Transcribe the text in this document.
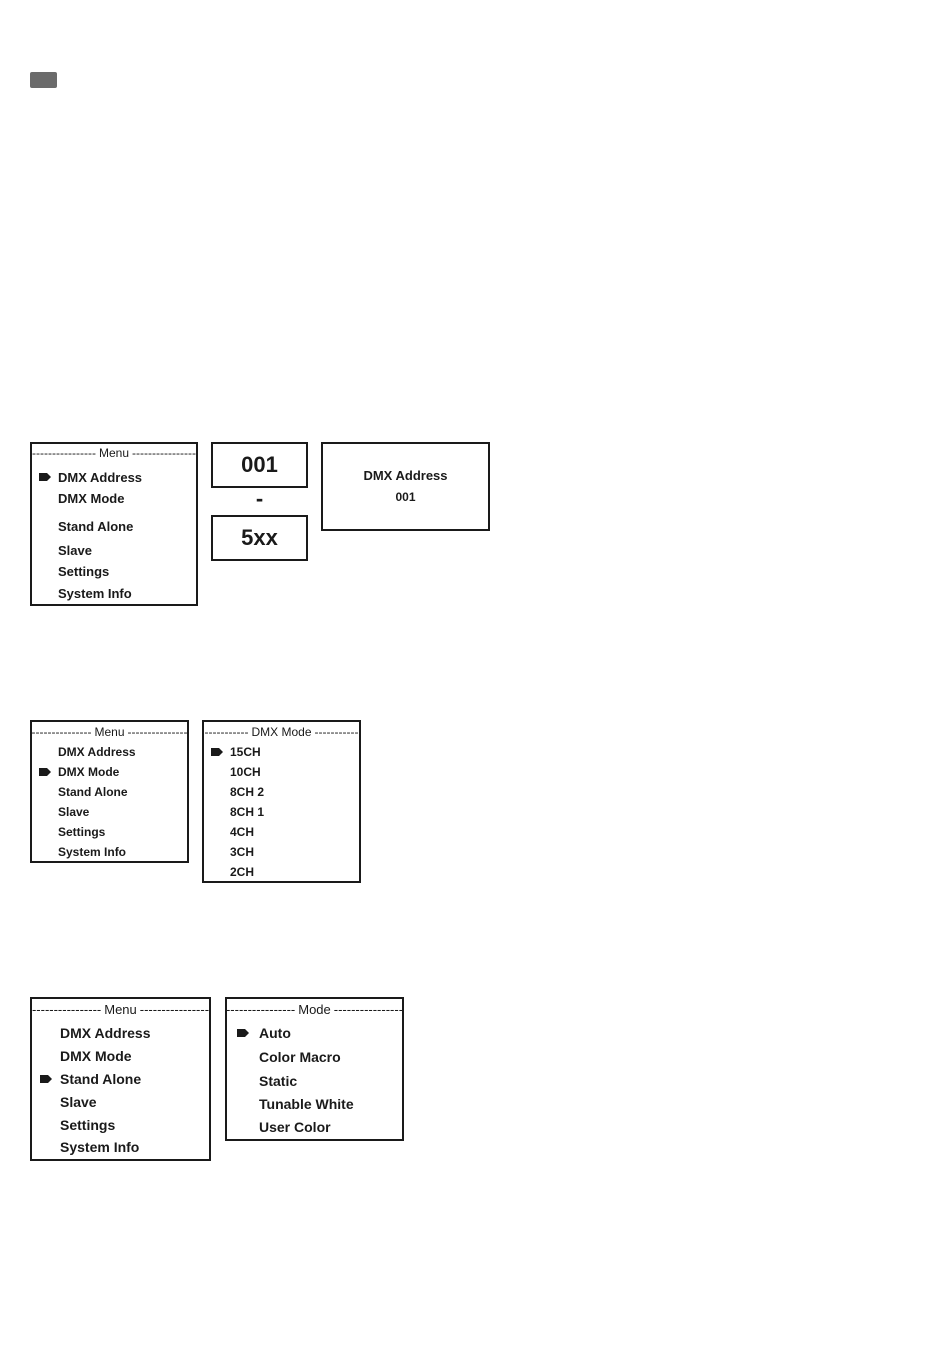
-----
Menu
-----
DMX Address
DMX Mode
Stand Alone
Slave
Settings
System Info
001
-
5xx
DMX Address
001
-----
Menu
-----
DMX Address
DMX Mode
Stand Alone
Slave
Settings
System Info
-----
DMX Mode
-----
15CH
10CH
8CH 2
8CH 1
4CH
3CH
2CH
-----
Menu
-----
DMX Address
DMX Mode
Stand Alone
Slave
Settings
System Info
-----
Mode
-----
Auto
Color Macro
Static
Tunable White
User Color
